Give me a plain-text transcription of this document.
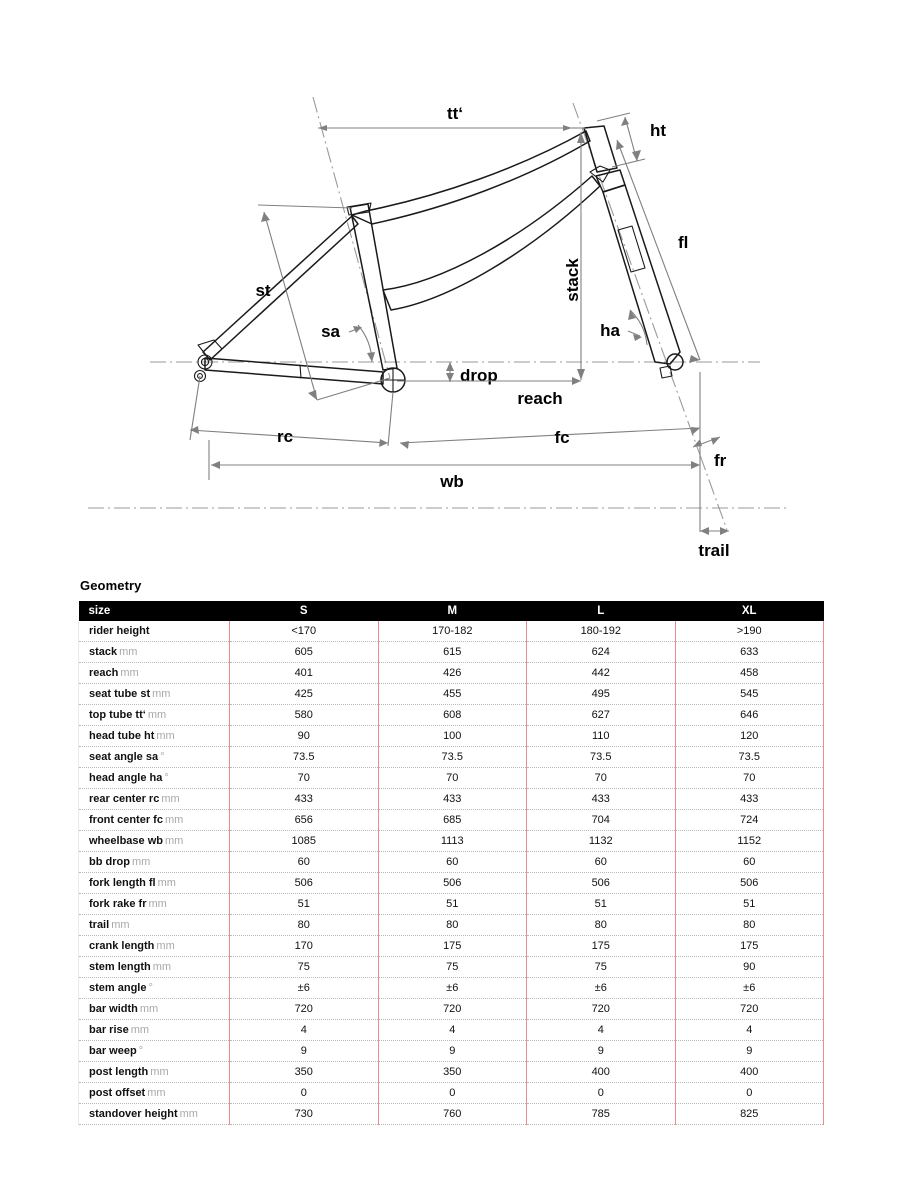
tt‘
ht
fl
stack
st
sa	ha
drop
reach
rc	fc
wb
fr
trail
Geometry
size	S	M	L	XL
rider height	<170	170-182	180-192	>190
stack mm	605	615	624	633
reach mm	401	426	442	458
seat tube st mm	425	455	495	545
top tube tt‘ mm	580	608	627	646
head tube ht mm	90	100	110	120
seat angle sa °	73.5	73.5	73.5	73.5
head angle ha °	70	70	70	70
rear center rc mm	433	433	433	433
front center fc mm	656	685	704	724
wheelbase wb mm	1085	1113	1132	1152
bb drop mm	60	60	60	60
fork length fl mm	506	506	506	506
fork rake fr mm	51	51	51	51
trail mm	80	80	80	80
crank length mm	170	175	175	175
stem length mm	75	75	75	90
stem angle °	±6	±6	±6	±6
bar width mm	720	720	720	720
bar rise mm	4	4	4	4
bar weep °	9	9	9	9
post length mm	350	350	400	400
post offset mm	0	0	0	0
standover height mm	730	760	785	825
